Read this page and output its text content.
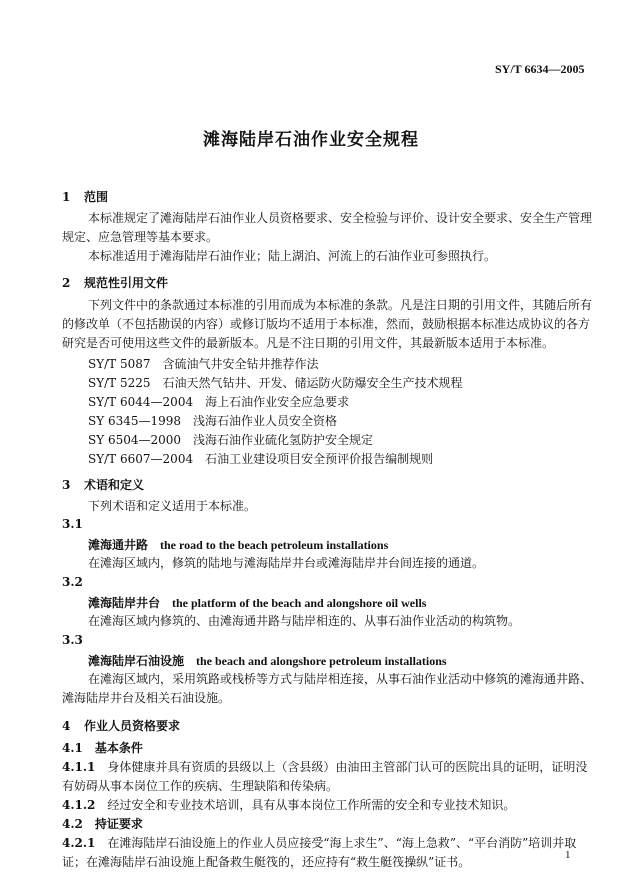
SY/T 6634—2005
滩海陆岸石油作业安全规程
1 范围
本标准规定了滩海陆岸石油作业人员资格要求、安全检验与评价、设计安全要求、安全生产管理
规定、应急管理等基本要求。
本标准适用于滩海陆岸石油作业；陆上湖泊、河流上的石油作业可参照执行。
2 规范性引用文件
下列文件中的条款通过本标准的引用而成为本标准的条款。凡是注日期的引用文件，其随后所有
的修改单（不包括勘误的内容）或修订版均不适用于本标准，然而，鼓励根据本标准达成协议的各方
研究是否可使用这些文件的最新版本。凡是不注日期的引用文件，其最新版本适用于本标准。
SY/T 5087　含硫油气井安全钻井推荐作法
SY/T 5225　石油天然气钻井、开发、储运防火防爆安全生产技术规程
SY/T 6044—2004　海上石油作业安全应急要求
SY 6345—1998　浅海石油作业人员安全资格
SY 6504—2000　浅海石油作业硫化氢防护安全规定
SY/T 6607—2004　石油工业建设项目安全预评价报告编制规则
3 术语和定义
下列术语和定义适用于本标准。
3.1
滩海通井路 the road to the beach petroleum installations
在滩海区域内，修筑的陆地与滩海陆岸井台或滩海陆岸井台间连接的通道。
3.2
滩海陆岸井台 the platform of the beach and alongshore oil wells
在滩海区域内修筑的、由滩海通井路与陆岸相连的、从事石油作业活动的构筑物。
3.3
滩海陆岸石油设施 the beach and alongshore petroleum installations
在滩海区域内，采用筑路或栈桥等方式与陆岸相连接，从事石油作业活动中修筑的滩海通井路、
滩海陆岸井台及相关石油设施。
4 作业人员资格要求
4.1　 基本条件
4.1.1　 身体健康并具有资质的县级以上（含县级）由油田主管部门认可的医院出具的证明，证明没
有妨碍从事本岗位工作的疾病、生理缺陷和传染病。
4.1.2　 经过安全和专业技术培训，具有从事本岗位工作所需的安全和专业技术知识。
4.2　 持证要求
4.2.1　 在滩海陆岸石油设施上的作业人员应接受“海上求生”、“海上急救”、“平台消防”培训并取
证；在滩海陆岸石油设施上配备救生艇筏的，还应持有“救生艇筏操纵”证书。	1
